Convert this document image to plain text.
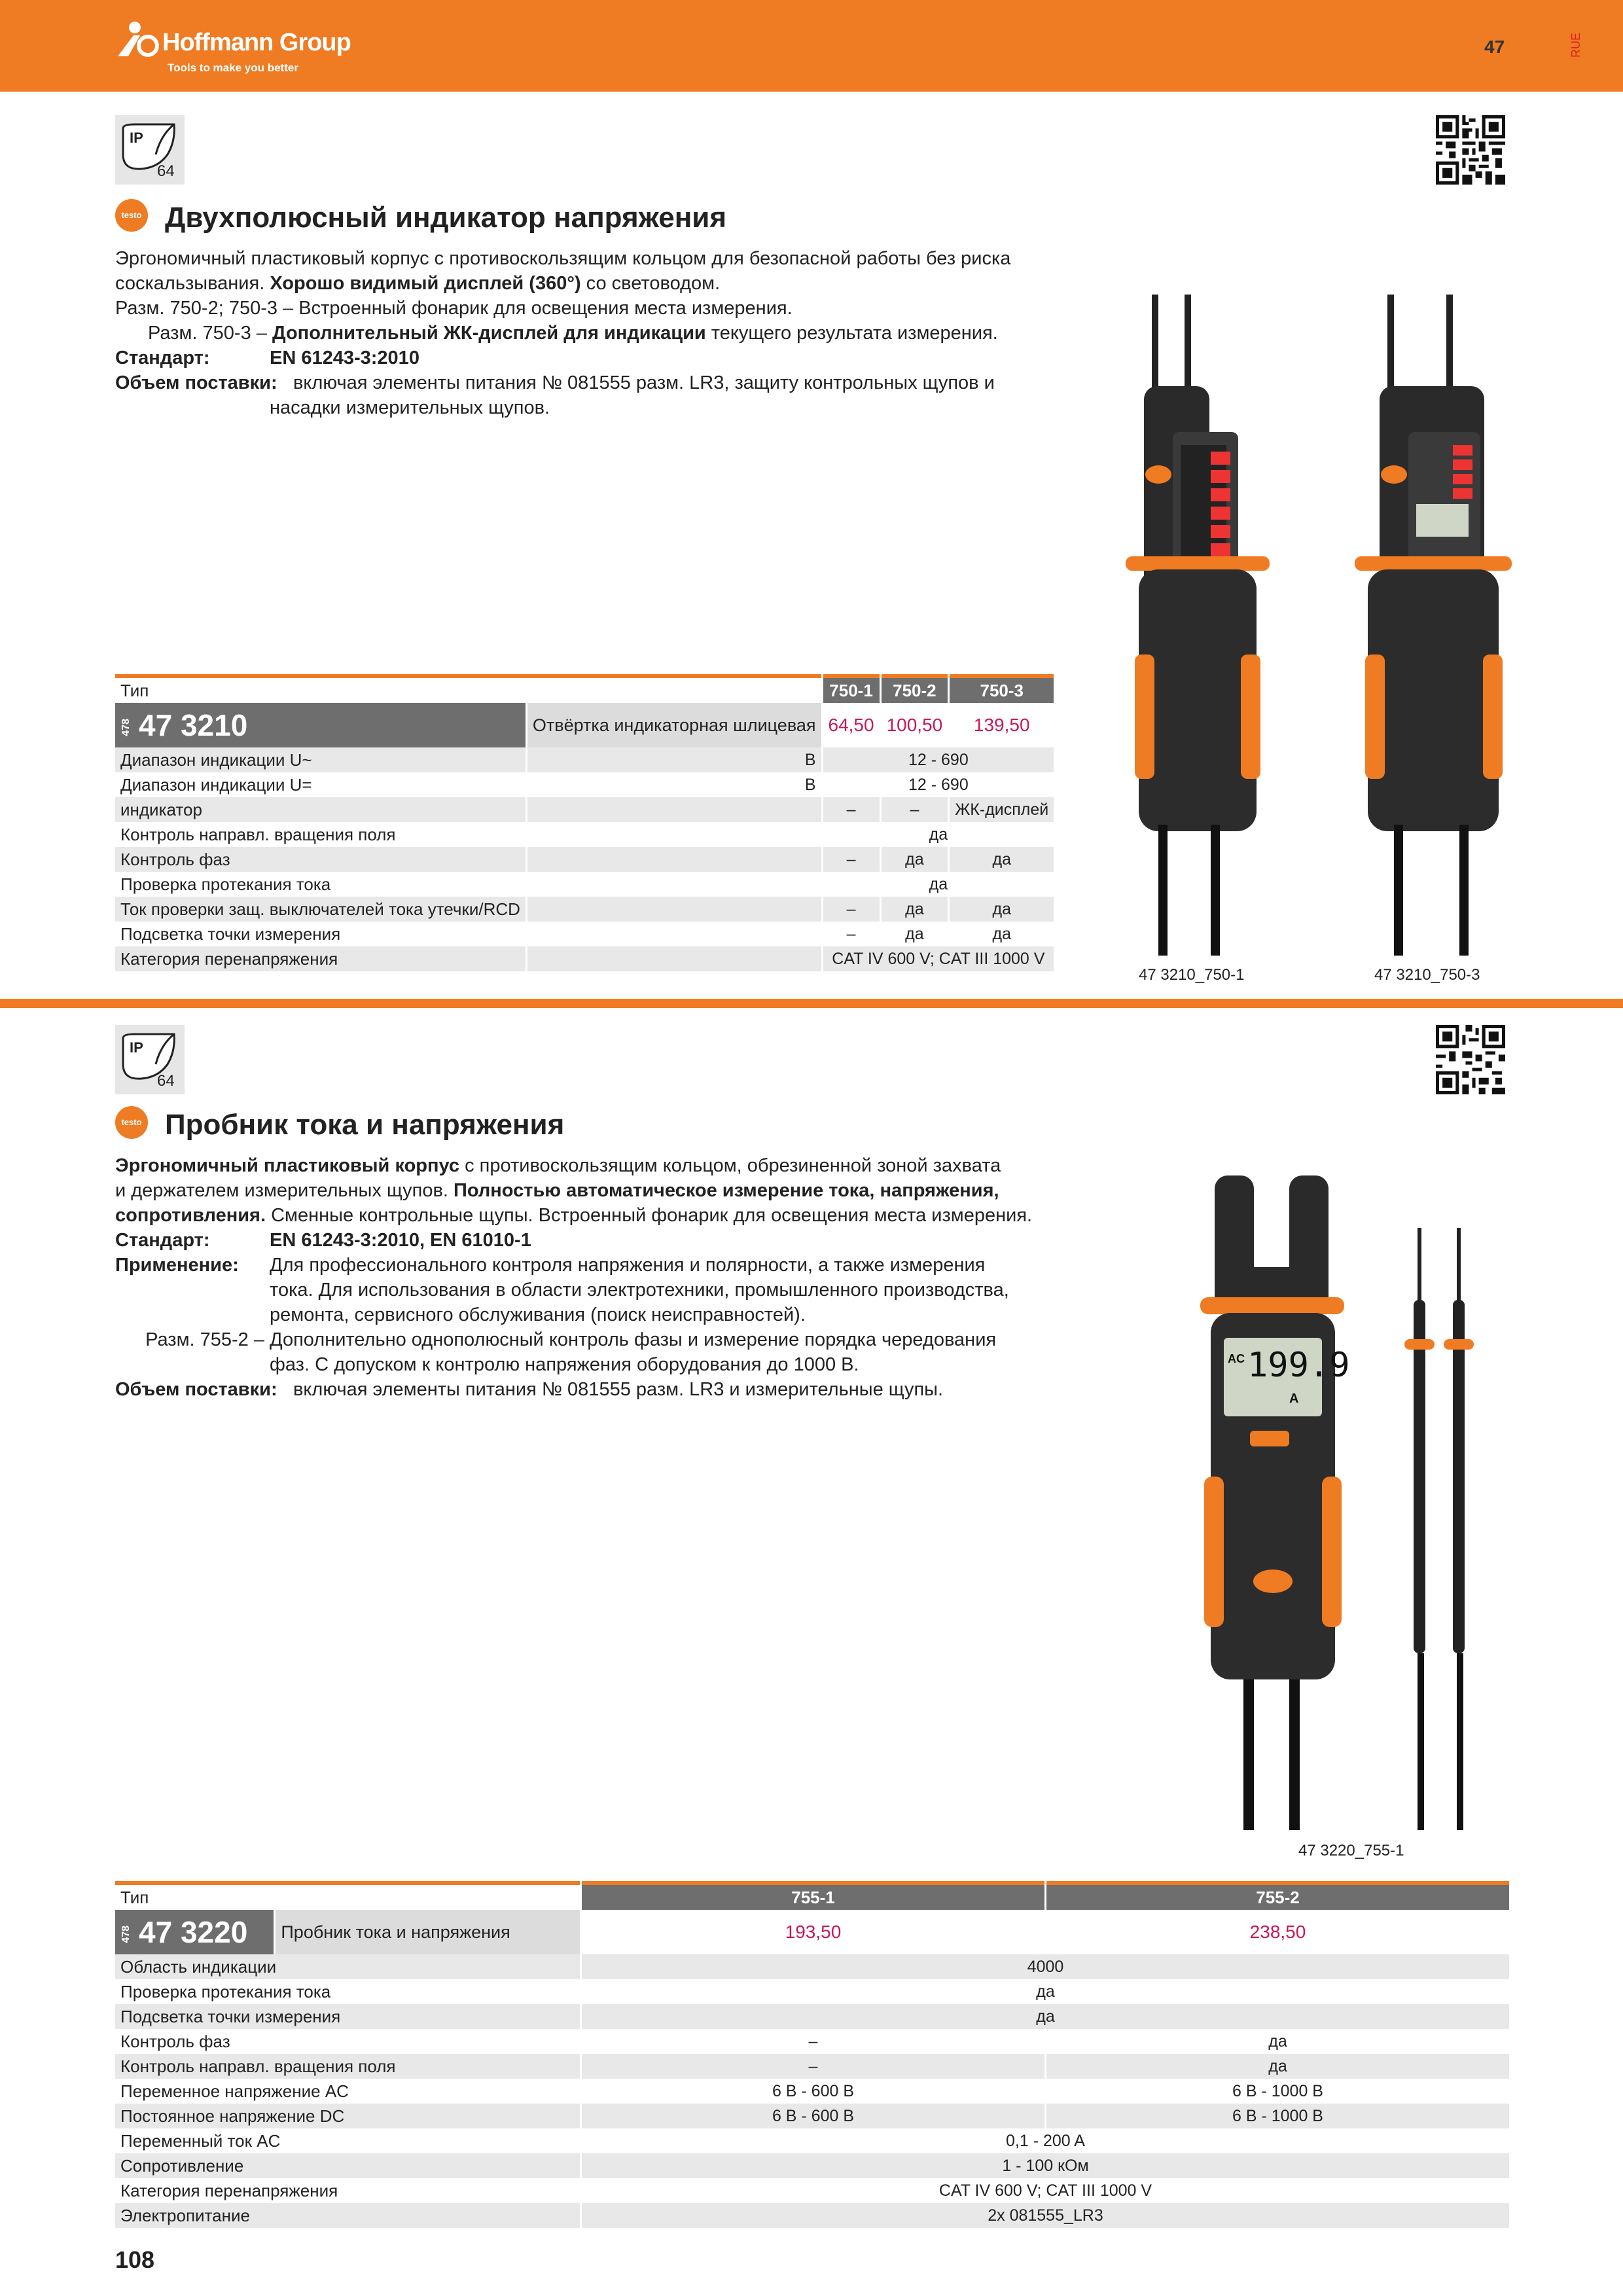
Hoffmann Group
Tools to make you better
47	RUE
IP
64
testo Двухполюсный индикатор напряжения
Эргономичный пластиковый корпус с противоскользящим кольцом для безопасной работы без риска
соскальзывания. Хорошо видимый дисплей (360°) со световодом.
Разм. 750-2; 750-3 – Встроенный фонарик для освещения места измерения.
Разм. 750-3 – Дополнительный ЖК-дисплей для индикации текущего результата измерения.
Стандарт:	EN 61243-3:2010
Объем поставки: включая элементы питания № 081555 разм. LR3, защиту контрольных щупов и
насадки измерительных щупов.
47 3210_750-1	47 3210_750-3
Тип		750-1	750-2	750-3
478 47 3210	Отвёртка индикаторная шлицевая	64,50	100,50	139,50
Диапазон индикации U~	В	12 - 690		
Диапазон индикации U=	В	12 - 690		
индикатор		–	–	ЖК-дисплей
Контроль направл. вращения поля		да		
Контроль фаз		–	да	да
Проверка протекания тока		да		
Ток проверки защ. выключателей тока утечки/RCD		–	да	да
Подсветка точки измерения		–	да	да
Категория перенапряжения		CAT IV 600 V; CAT III 1000 V		
IP
64
testo Пробник тока и напряжения
Эргономичный пластиковый корпус с противоскользящим кольцом, обрезиненной зоной захвата
и держателем измерительных щупов. Полностью автоматическое измерение тока, напряжения,
сопротивления. Сменные контрольные щупы. Встроенный фонарик для освещения места измерения.
Стандарт:	EN 61243-3:2010, EN 61010-1
Применение: Для профессионального контроля напряжения и полярности, а также измерения
тока. Для использования в области электротехники, промышленного производства,
ремонта, сервисного обслуживания (поиск неисправностей).
Разм. 755-2 – Дополнительно однополюсный контроль фазы и измерение порядка чередования
фаз. С допуском к контролю напряжения оборудования до 1000 В.
Объем поставки: включая элементы питания № 081555 разм. LR3 и измерительные щупы.
199.9
AC
A
47 3220_755-1
Тип		755-1	755-2
478 47 3220	Пробник тока и напряжения	193,50	238,50
Область индикации		4000	
Проверка протекания тока		да	
Подсветка точки измерения		да	
Контроль фаз		–	да
Контроль направл. вращения поля		–	да
Переменное напряжение AC		6 В - 600 В	6 В - 1000 В
Постоянное напряжение DC		6 В - 600 В	6 В - 1000 В
Переменный ток AC		0,1 - 200 A	
Сопротивление		1 - 100 кОм	
Категория перенапряжения		CAT IV 600 V; CAT III 1000 V	
Электропитание		2x 081555_LR3	
108
